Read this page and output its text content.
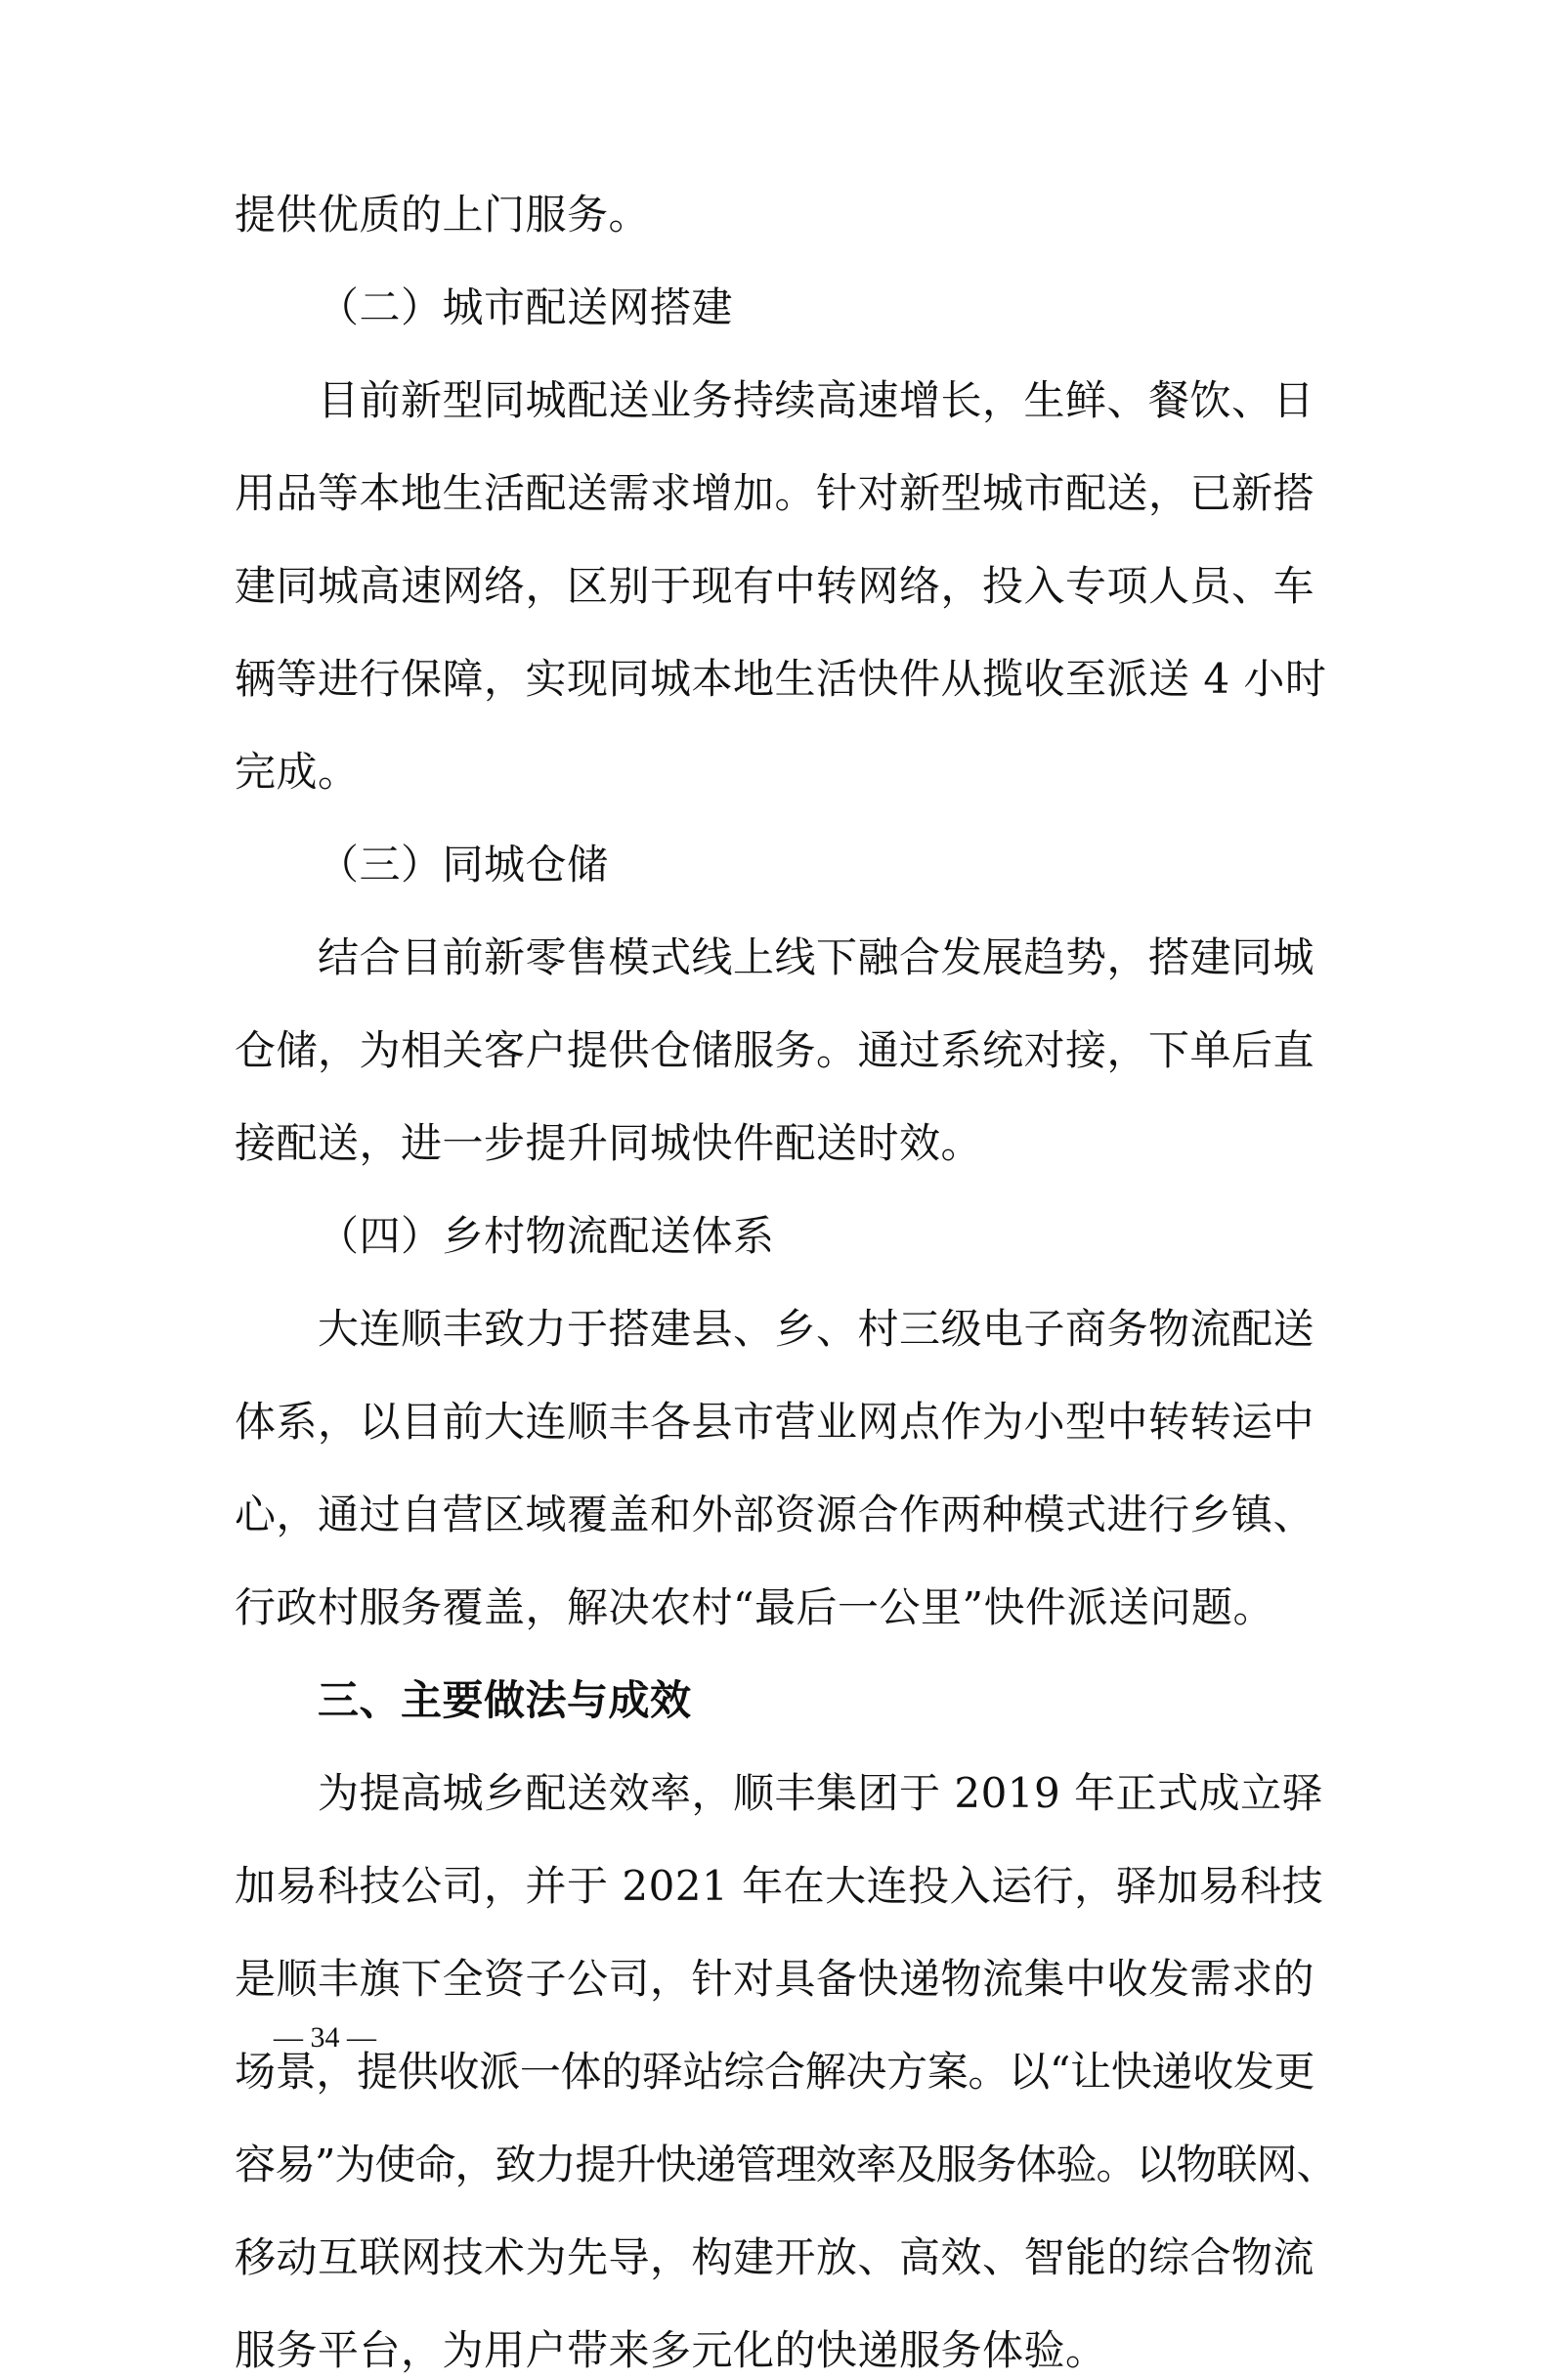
提供优质的上门服务。
（二）城市配送网搭建
目前新型同城配送业务持续高速增长，生鲜、餐饮、日
用品等本地生活配送需求增加。针对新型城市配送，已新搭
建同城高速网络，区别于现有中转网络，投入专项人员、车
辆等进行保障，实现同城本地生活快件从揽收至派送 4 小时
完成。
（三）同城仓储
结合目前新零售模式线上线下融合发展趋势，搭建同城
仓储，为相关客户提供仓储服务。通过系统对接，下单后直
接配送，进一步提升同城快件配送时效。
（四）乡村物流配送体系
大连顺丰致力于搭建县、乡、村三级电子商务物流配送
体系，以目前大连顺丰各县市营业网点作为小型中转转运中
心，通过自营区域覆盖和外部资源合作两种模式进行乡镇、
行政村服务覆盖，解决农村“最后一公里”快件派送问题。
三、主要做法与成效
为提高城乡配送效率，顺丰集团于 2019 年正式成立驿
加易科技公司，并于 2021 年在大连投入运行，驿加易科技
是顺丰旗下全资子公司，针对具备快递物流集中收发需求的
场景，提供收派一体的驿站综合解决方案。以“让快递收发更
容易”为使命，致力提升快递管理效率及服务体验。以物联网、
移动互联网技术为先导，构建开放、高效、智能的综合物流
服务平台，为用户带来多元化的快递服务体验。
— 34 —
